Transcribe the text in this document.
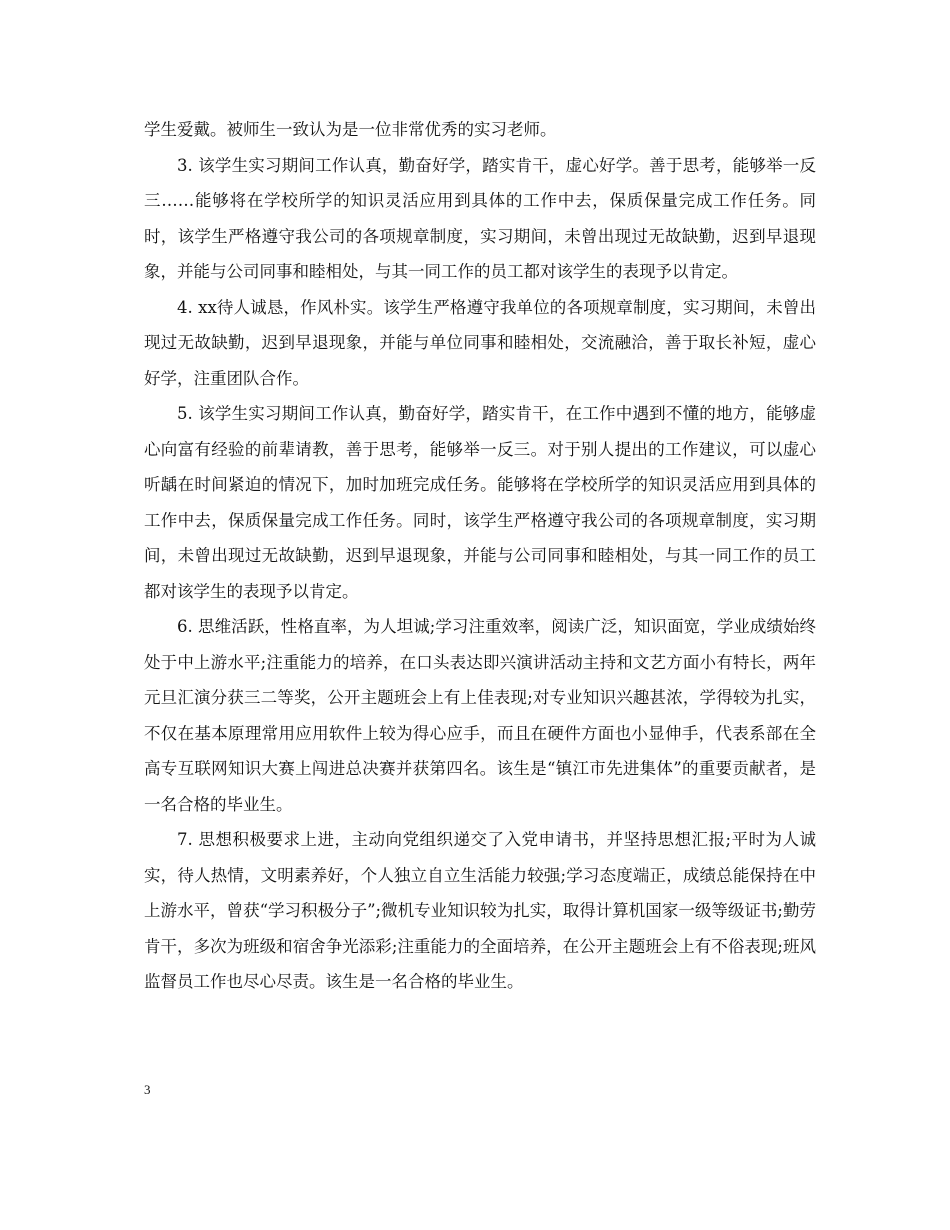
学生爱戴。被师生一致认为是一位非常优秀的实习老师。

3. 该学生实习期间工作认真，勤奋好学，踏实肯干，虚心好学。善于思考，能够举一反三……能够将在学校所学的知识灵活应用到具体的工作中去，保质保量完成工作任务。同时，该学生严格遵守我公司的各项规章制度，实习期间，未曾出现过无故缺勤，迟到早退现象，并能与公司同事和睦相处，与其一同工作的员工都对该学生的表现予以肯定。

4. xx待人诚恳，作风朴实。该学生严格遵守我单位的各项规章制度，实习期间，未曾出现过无故缺勤，迟到早退现象，并能与单位同事和睦相处，交流融洽，善于取长补短，虚心好学，注重团队合作。

5. 该学生实习期间工作认真，勤奋好学，踏实肯干，在工作中遇到不懂的地方，能够虚心向富有经验的前辈请教，善于思考，能够举一反三。对于别人提出的工作建议，可以虚心听龋在时间紧迫的情况下，加时加班完成任务。能够将在学校所学的知识灵活应用到具体的工作中去，保质保量完成工作任务。同时，该学生严格遵守我公司的各项规章制度，实习期间，未曾出现过无故缺勤，迟到早退现象，并能与公司同事和睦相处，与其一同工作的员工都对该学生的表现予以肯定。

6. 思维活跃，性格直率，为人坦诚;学习注重效率，阅读广泛，知识面宽，学业成绩始终处于中上游水平;注重能力的培养，在口头表达即兴演讲活动主持和文艺方面小有特长，两年元旦汇演分获三二等奖，公开主题班会上有上佳表现;对专业知识兴趣甚浓，学得较为扎实，不仅在基本原理常用应用软件上较为得心应手，而且在硬件方面也小显伸手，代表系部在全高专互联网知识大赛上闯进总决赛并获第四名。该生是“镇江市先进集体”的重要贡献者，是一名合格的毕业生。

7. 思想积极要求上进，主动向党组织递交了入党申请书，并坚持思想汇报;平时为人诚实，待人热情，文明素养好，个人独立自立生活能力较强;学习态度端正，成绩总能保持在中上游水平，曾获“学习积极分子”;微机专业知识较为扎实，取得计算机国家一级等级证书;勤劳肯干，多次为班级和宿舍争光添彩;注重能力的全面培养，在公开主题班会上有不俗表现;班风监督员工作也尽心尽责。该生是一名合格的毕业生。

3
